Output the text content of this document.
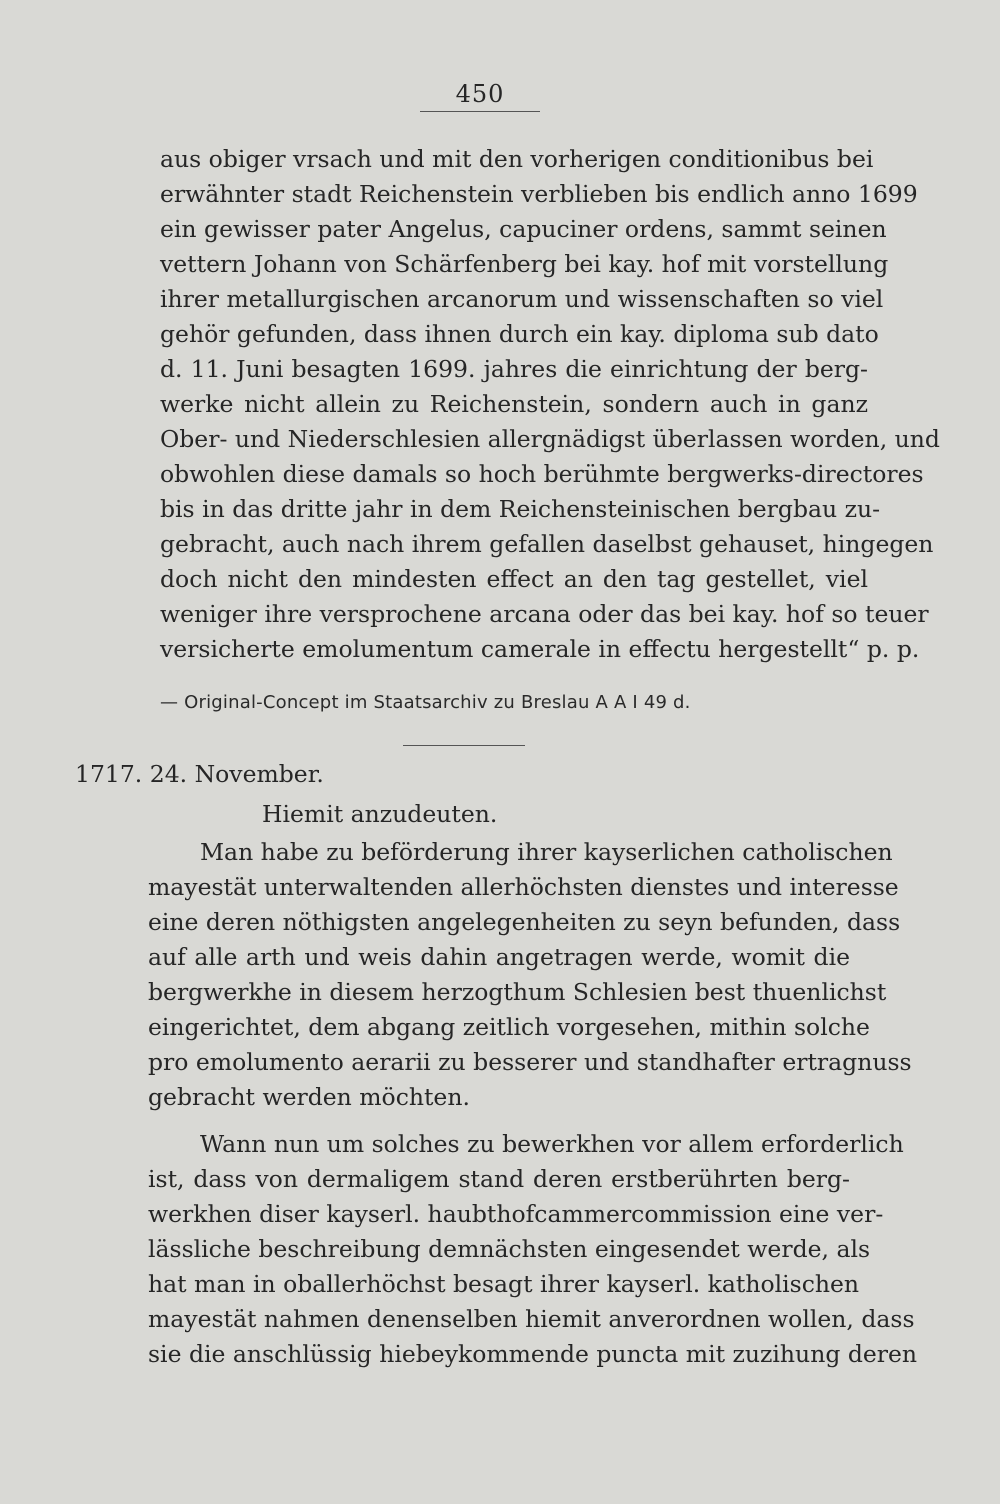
450
aus obiger vrsach und mit den vorherigen conditionibus bei
erwähnter stadt Reichenstein verblieben bis endlich anno 1699
ein gewisser pater Angelus, capuciner ordens, sammt seinen
vettern Johann von Schärfenberg bei kay. hof mit vorstellung
ihrer metallurgischen arcanorum und wissenschaften so viel
gehör gefunden, dass ihnen durch ein kay. diploma sub dato
d. 11. Juni besagten 1699. jahres die einrichtung der berg-
werke nicht allein zu Reichenstein, sondern auch in ganz
Ober- und Niederschlesien allergnädigst überlassen worden, und
obwohlen diese damals so hoch berühmte bergwerks-directores
bis in das dritte jahr in dem Reichensteinischen bergbau zu-
gebracht, auch nach ihrem gefallen daselbst gehauset, hingegen
doch nicht den mindesten effect an den tag gestellet, viel
weniger ihre versprochene arcana oder das bei kay. hof so teuer
versicherte emolumentum camerale in effectu hergestellt“ p. p.
— Original-Concept im Staatsarchiv zu Breslau A A I 49 d.
1717. 24. November.
Hiemit anzudeuten.
Man habe zu beförderung ihrer kayserlichen catholischen
mayestät unterwaltenden allerhöchsten dienstes und interesse
eine deren nöthigsten angelegenheiten zu seyn befunden, dass
auf alle arth und weis dahin angetragen werde, womit die
bergwerkhe in diesem herzogthum Schlesien best thuenlichst
eingerichtet, dem abgang zeitlich vorgesehen, mithin solche
pro emolumento aerarii zu besserer und standhafter ertragnuss
gebracht werden möchten.
Wann nun um solches zu bewerkhen vor allem erforderlich
ist, dass von dermaligem stand deren erstberührten berg-
werkhen diser kayserl. haubthofcammercommission eine ver-
lässliche beschreibung demnächsten eingesendet werde, als
hat man in oballerhöchst besagt ihrer kayserl. katholischen
mayestät nahmen denenselben hiemit anverordnen wollen, dass
sie die anschlüssig hiebeykommende puncta mit zuzihung deren
